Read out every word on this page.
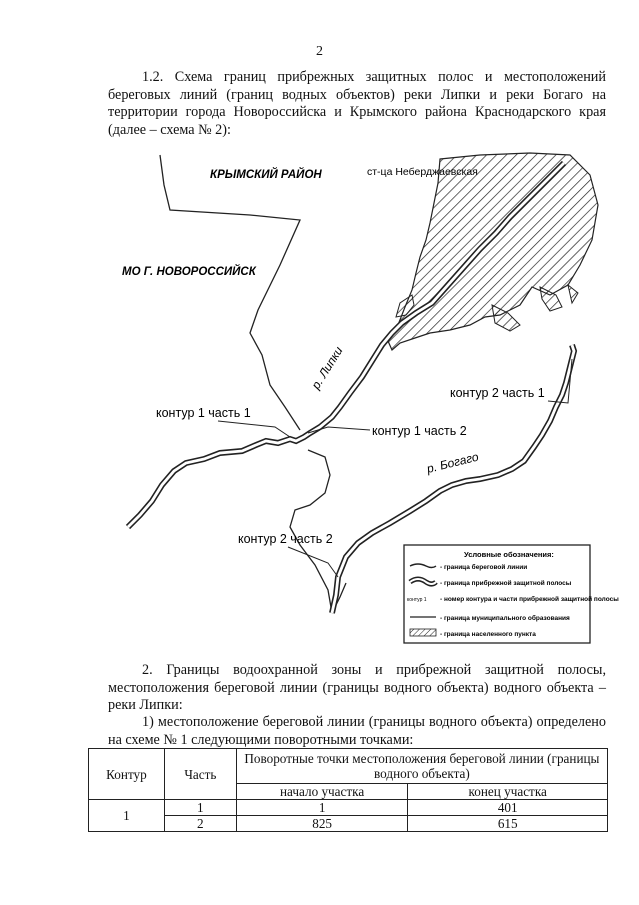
2
1.2. Схема границ прибрежных защитных полос и местоположений береговых линий (границ водных объектов) реки Липки и реки Богаго на территории города Новороссийска и Крымского района Краснодарского края (далее – схема № 2):
КРЫМСКИЙ РАЙОН
МО Г. НОВОРОССИЙСК
ст-ца Неберджаевская
р. Липки
р. Богаго
контур 1 часть 1
контур 1 часть 2
контур 2 часть 1
контур 2 часть 2
Условные обозначения:
- граница береговой линии
- граница прибрежной защитной полосы
контур 1 - номер контура и части прибрежной защитной полосы
- граница муниципального образования
- граница населенного пункта
2. Границы водоохранной зоны и прибрежной защитной полосы, местоположения береговой линии (границы водного объекта) водного объекта – реки Липки:
1) местоположение береговой линии (границы водного объекта) определено на схеме № 1 следующими поворотными точками:
Контур	Часть	Поворотные точки местоположения береговой линии (границы водного объекта)	
		начало участка	конец участка
1	1	1	401
	2	825	615
